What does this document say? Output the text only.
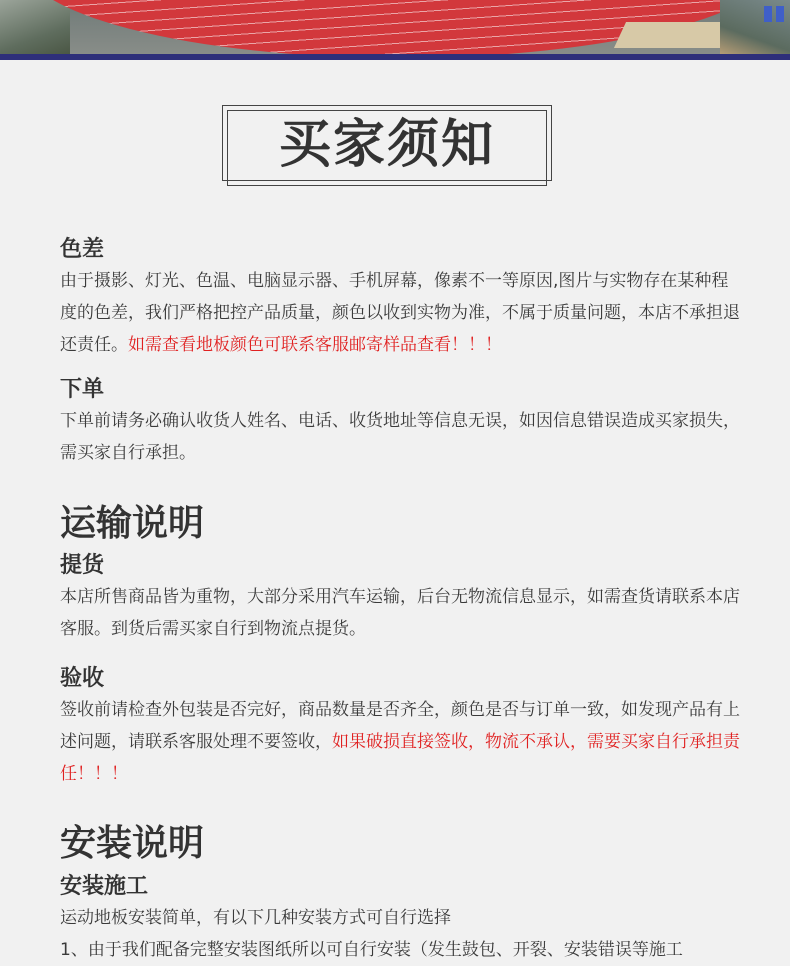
买家须知
色差

由于摄影、灯光、色温、电脑显示器、手机屏幕，像素不一等原因,图片与实物存在某种程度的色差，我们严格把控产品质量，颜色以收到实物为准，不属于质量问题，本店不承担退还责任。如需查看地板颜色可联系客服邮寄样品查看！！！

下单

下单前请务必确认收货人姓名、电话、收货地址等信息无误，如因信息错误造成买家损失，需买家自行承担。

运输说明
提货

本店所售商品皆为重物，大部分采用汽车运输，后台无物流信息显示，如需查货请联系本店客服。到货后需买家自行到物流点提货。

验收

签收前请检查外包装是否完好，商品数量是否齐全，颜色是否与订单一致，如发现产品有上述问题，请联系客服处理不要签收，如果破损直接签收，物流不承认，需要买家自行承担责任！！！

安装说明
安装施工

运动地板安装简单，有以下几种安装方式可自行选择

1、由于我们配备完整安装图纸所以可自行安装（发生鼓包、开裂、安装错误等施工
